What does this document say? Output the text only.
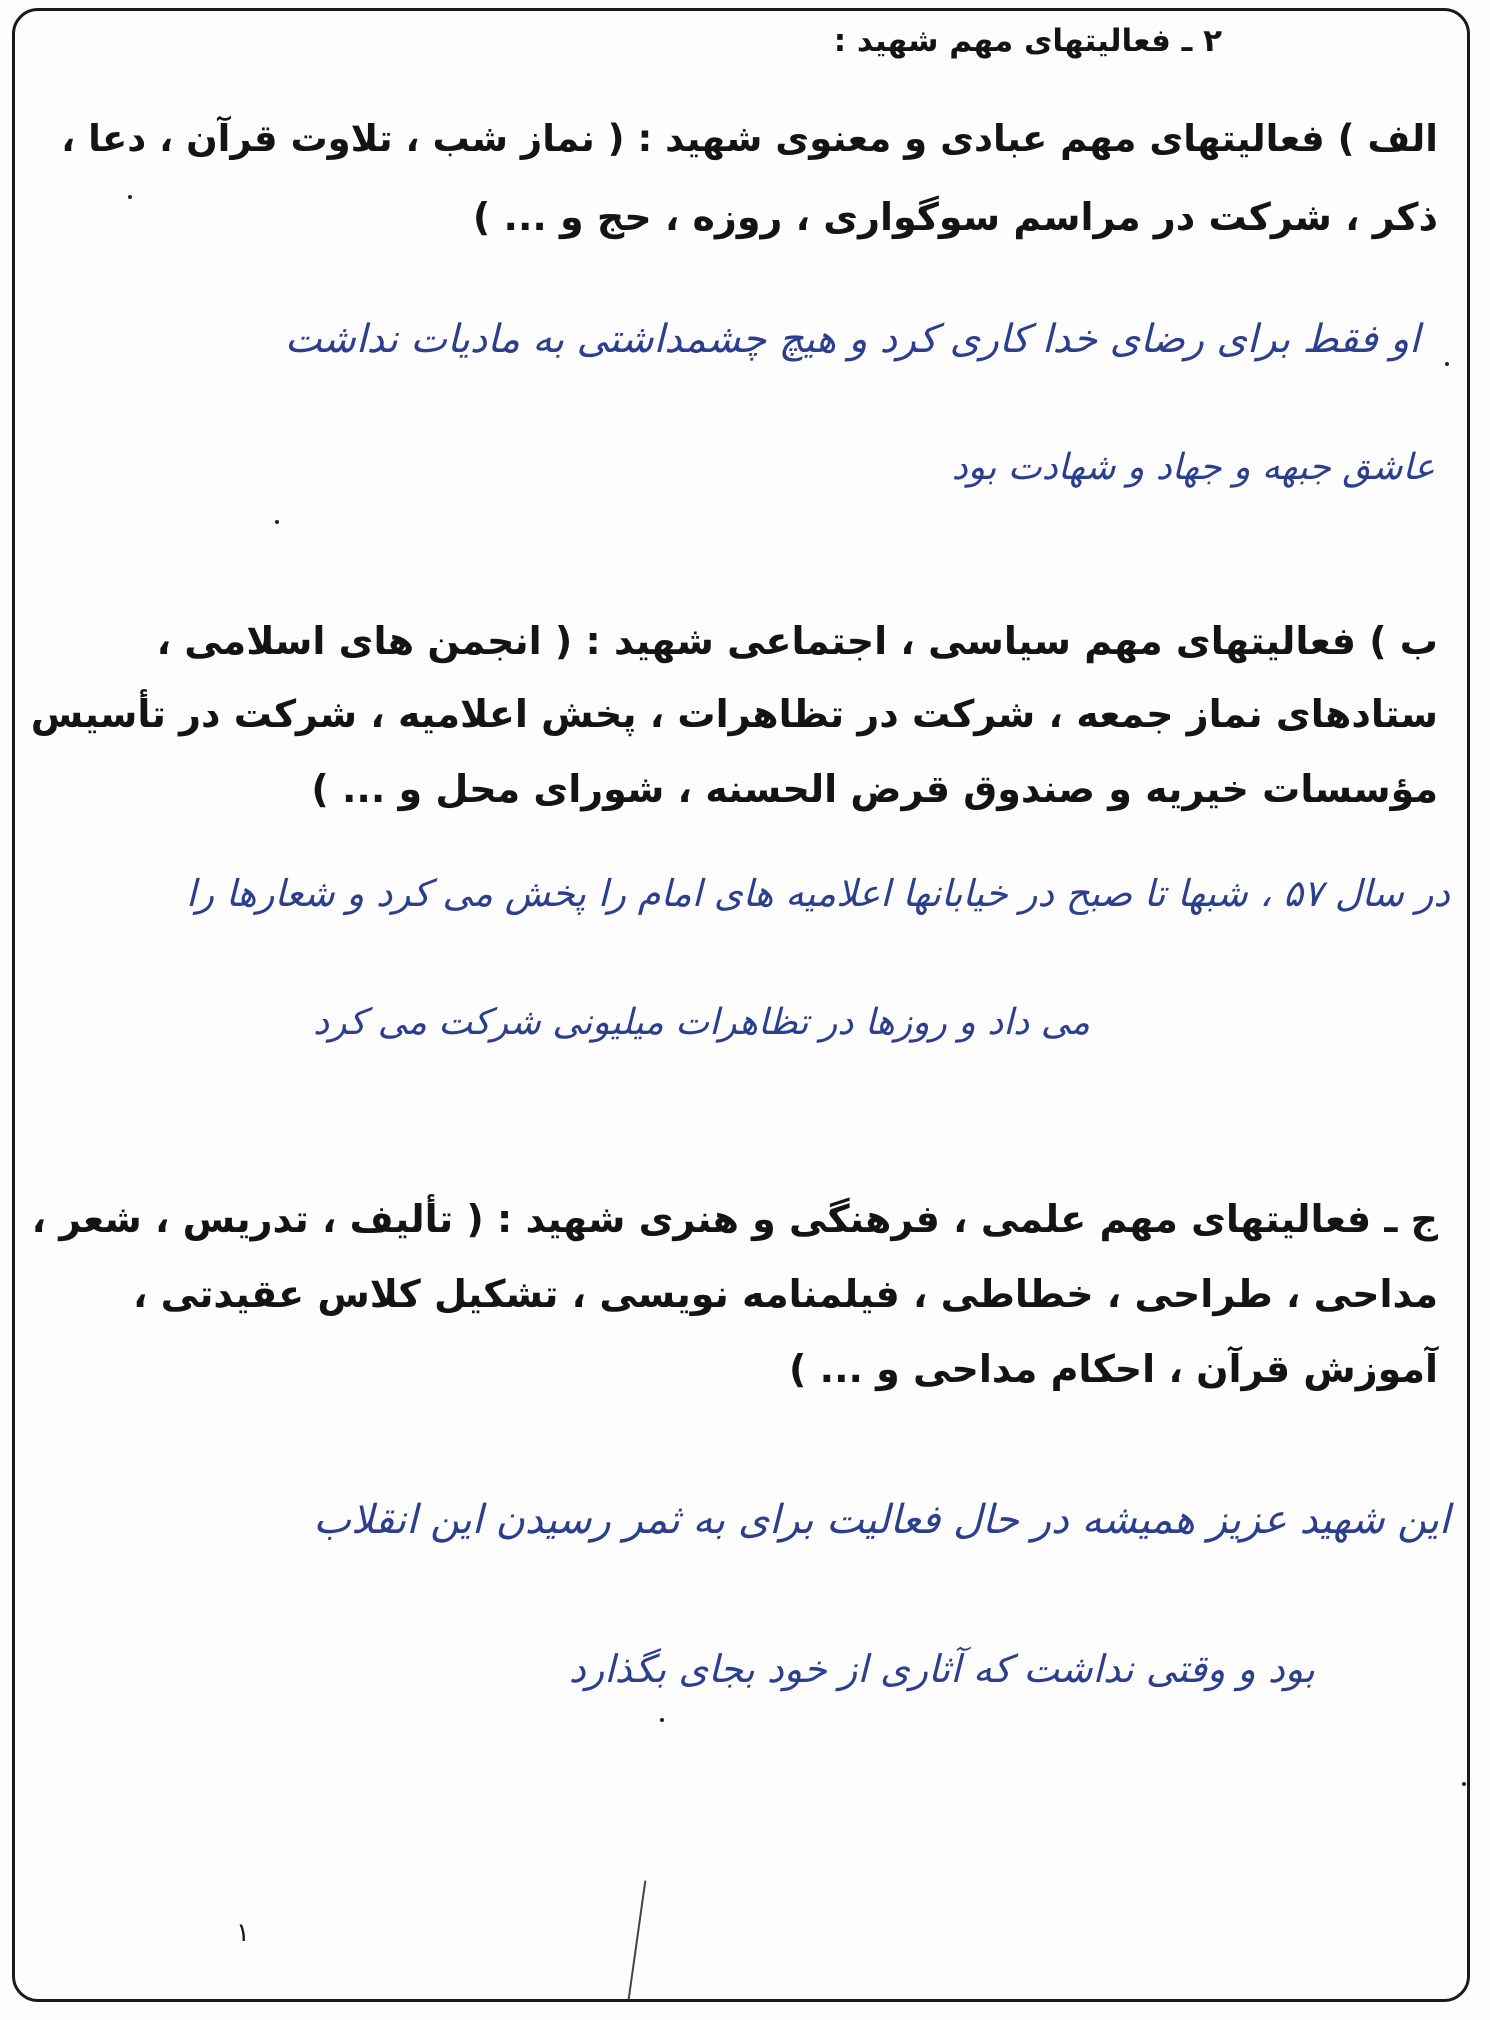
۲ ـ فعالیتهای مهم شهید :

الف ) فعالیتهای مهم عبادی و معنوی شهید : ( نماز شب ، تلاوت قرآن ، دعا ،

ذکر ، شرکت در مراسم سوگواری ، روزه ، حج و ... )

او فقط برای رضای خدا کاری کرد و هیچ چشمداشتی به مادیات نداشت

عاشق جبهه و جهاد و شهادت بود

ب ) فعالیتهای مهم سیاسی ، اجتماعی شهید : ( انجمن های اسلامی ،

ستادهای نماز جمعه ، شرکت در تظاهرات ، پخش اعلامیه ، شرکت در تأسیس

مؤسسات خیریه و صندوق قرض الحسنه ، شورای محل و ... )

در سال ۵۷ ، شبها تا صبح در خیابانها اعلامیه های امام را پخش می کرد و شعارها را

می داد و روزها در تظاهرات میلیونی شرکت می کرد

ج ـ فعالیتهای مهم علمی ، فرهنگی و هنری شهید : ( تألیف ، تدریس ، شعر ،

مداحی ، طراحی ، خطاطی ، فیلمنامه نویسی ، تشکیل کلاس عقیدتی ،

آموزش قرآن ، احکام مداحی و ... )

این شهید عزیز همیشه در حال فعالیت برای به ثمر رسیدن این انقلاب

بود و وقتی نداشت که آثاری از خود بجای بگذارد

۱
